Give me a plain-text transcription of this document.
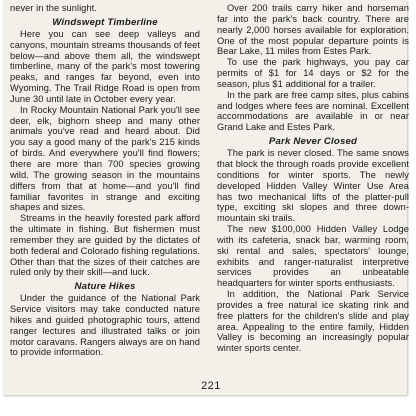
never in the sunlight.

Windswept Timberline

Here you can see deep valleys and canyons, mountain streams thousands of feet below—and above them all, the windswept timberline, many of the park's most towering peaks, and ranges far beyond, even into Wyoming. The Trail Ridge Road is open from June 30 until late in October every year.

In Rocky Mountain National Park you'll see deer, elk, bighorn sheep and many other animals you've read and heard about. Did you say a good many of the park's 215 kinds of birds. And everywhere you'll find flowers; there are more than 700 species growing wild. The growing season in the mountains differs from that at home—and you'll find familiar favorites in strange and exciting shapes and sizes.

Streams in the heavily forested park afford the ultimate in fishing. But fishermen must remember they are guided by the dictates of both federal and Colorado fishing regulations. Other than that the sizes of their catches are ruled only by their skill—and luck.

Nature Hikes

Under the guidance of the National Park Service visitors may take conducted nature hikes and guided photographic tours, attend ranger lectures and illustrated talks or join motor caravans. Rangers always are on hand to provide information.

Over 200 trails carry hiker and horseman far into the park's back country. There are nearly 2,000 horses available for exploration. One of the most popular departure points is Bear Lake, 11 miles from Estes Park.

To use the park highways, you pay car permits of $1 for 14 days or $2 for the season, plus $1 additional for a trailer.

In the park are free camp sites, plus cabins and lodges where fees are nominal. Excellent accommodations are available in or near Grand Lake and Estes Park.

Park Never Closed

The park is never closed. The same snows that block the through roads provide excellent conditions for winter sports. The newly developed Hidden Valley Winter Use Area has two mechanical lifts of the platter-pull type, exciting ski slopes and three down-mountain ski trails.

The new $100,000 Hidden Valley Lodge with its cafeteria, snack bar, warming room, ski rental and sales, spectators' lounge, exhibits and ranger-naturalist interpretive services provides an unbeatable headquarters for winter sports enthusiasts.

In addition, the National Park Service provides a free natural ice skating rink and free platters for the children's slide and play area. Appealing to the entire family, Hidden Valley is becoming an increasingly popular winter sports center.

221
